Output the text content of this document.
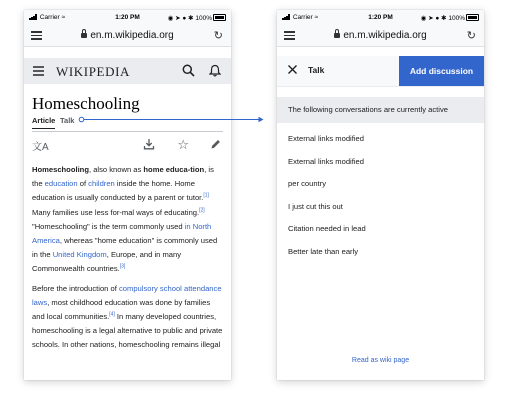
Carrier ≈	1:20 PM	◉ ➤ ● ✱ 100%
en.m.wikipedia.org	↻
WIKIPEDIA
Homeschooling
Article Talk
文A	☆

Homeschooling, also known as home educa-tion, is the education of children inside the home. Home education is usually conducted by a parent or tutor.[1] Many families use less for-mal ways of educating.[2] "Homeschooling" is the term commonly used in North America, whereas "home education" is commonly used in the United Kingdom, Europe, and in many Commonwealth countries.[3]

Before the introduction of compulsory school attendance laws, most childhood education was done by families and local communities.[4] In many developed countries, homeschooling is a legal alternative to public and private schools. In other nations, homeschooling remains illegal

Carrier ≈	1:20 PM	◉ ➤ ● ✱ 100%
en.m.wikipedia.org	↻
Talk	Add discussion
The following conversations are currently active
External links modified
External links modified
per country
I just cut this out
Citation needed in lead
Better late than early
Read as wiki page
